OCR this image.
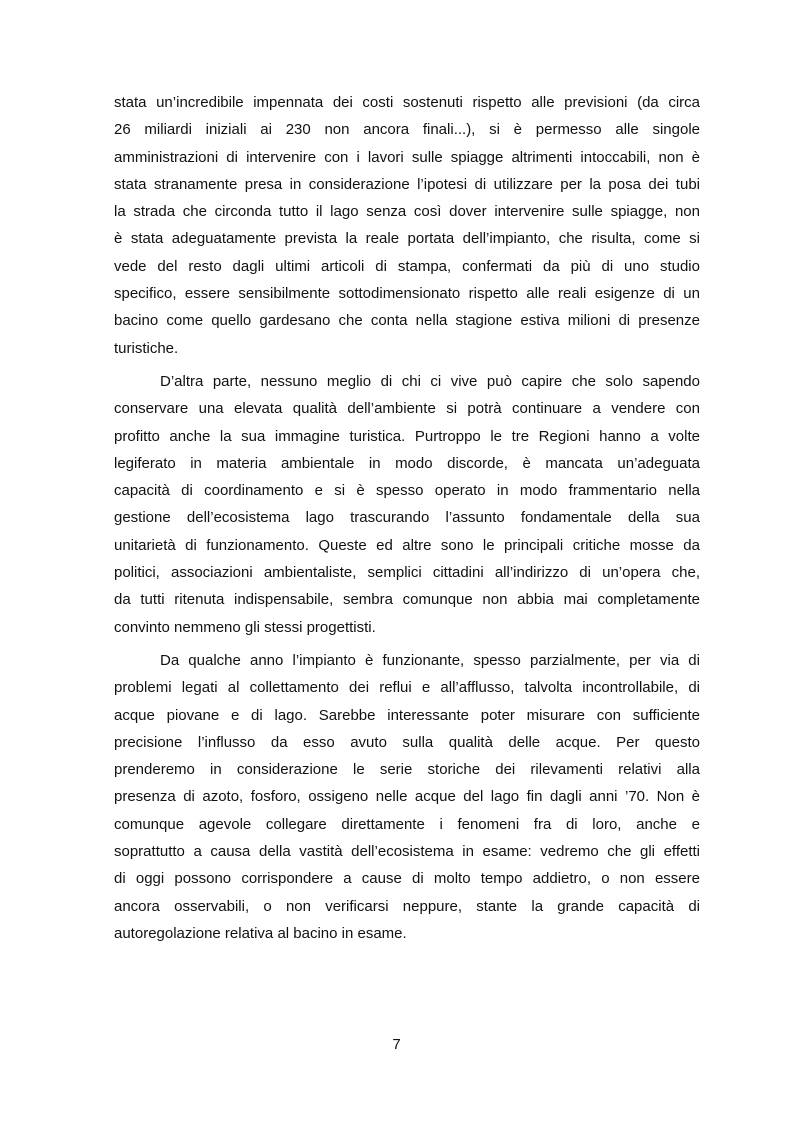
stata un’incredibile impennata dei costi sostenuti rispetto alle previsioni (da circa
26 miliardi iniziali ai 230 non ancora finali...), si è permesso alle singole
amministrazioni di intervenire con i lavori sulle spiagge altrimenti intoccabili, non è
stata stranamente presa in considerazione l’ipotesi di utilizzare per la posa dei tubi
la strada che circonda tutto il lago senza così dover intervenire sulle spiagge, non
è stata adeguatamente prevista la reale portata dell’impianto, che risulta, come si
vede del resto dagli ultimi articoli di stampa, confermati da più di uno studio
specifico, essere sensibilmente sottodimensionato rispetto alle reali esigenze di un
bacino come quello gardesano che conta nella stagione estiva milioni di presenze
turistiche.
D’altra parte, nessuno meglio di chi ci vive può capire che solo sapendo
conservare una elevata qualità dell’ambiente si potrà continuare a vendere con
profitto anche la sua immagine turistica. Purtroppo le tre Regioni hanno a volte
legiferato in materia ambientale in modo discorde, è mancata un’adeguata
capacità di coordinamento e si è spesso operato in modo frammentario nella
gestione dell’ecosistema lago trascurando l’assunto fondamentale della sua
unitarietà di funzionamento. Queste ed altre sono le principali critiche mosse da
politici, associazioni ambientaliste, semplici cittadini all’indirizzo di un’opera che,
da tutti ritenuta indispensabile, sembra comunque non abbia mai completamente
convinto nemmeno gli stessi progettisti.
Da qualche anno l’impianto è funzionante, spesso parzialmente, per via di
problemi legati al collettamento dei reflui e all’afflusso, talvolta incontrollabile, di
acque piovane e di lago. Sarebbe interessante poter misurare con sufficiente
precisione l’influsso da esso avuto sulla qualità delle acque. Per questo
prenderemo in considerazione le serie storiche dei rilevamenti relativi alla
presenza di azoto, fosforo, ossigeno nelle acque del lago fin dagli anni ’70. Non è
comunque agevole collegare direttamente i fenomeni fra di loro, anche e
soprattutto a causa della vastità dell’ecosistema in esame: vedremo che gli effetti
di oggi possono corrispondere a cause di molto tempo addietro, o non essere
ancora osservabili, o non verificarsi neppure, stante la grande capacità di
autoregolazione relativa al bacino in esame.
7
